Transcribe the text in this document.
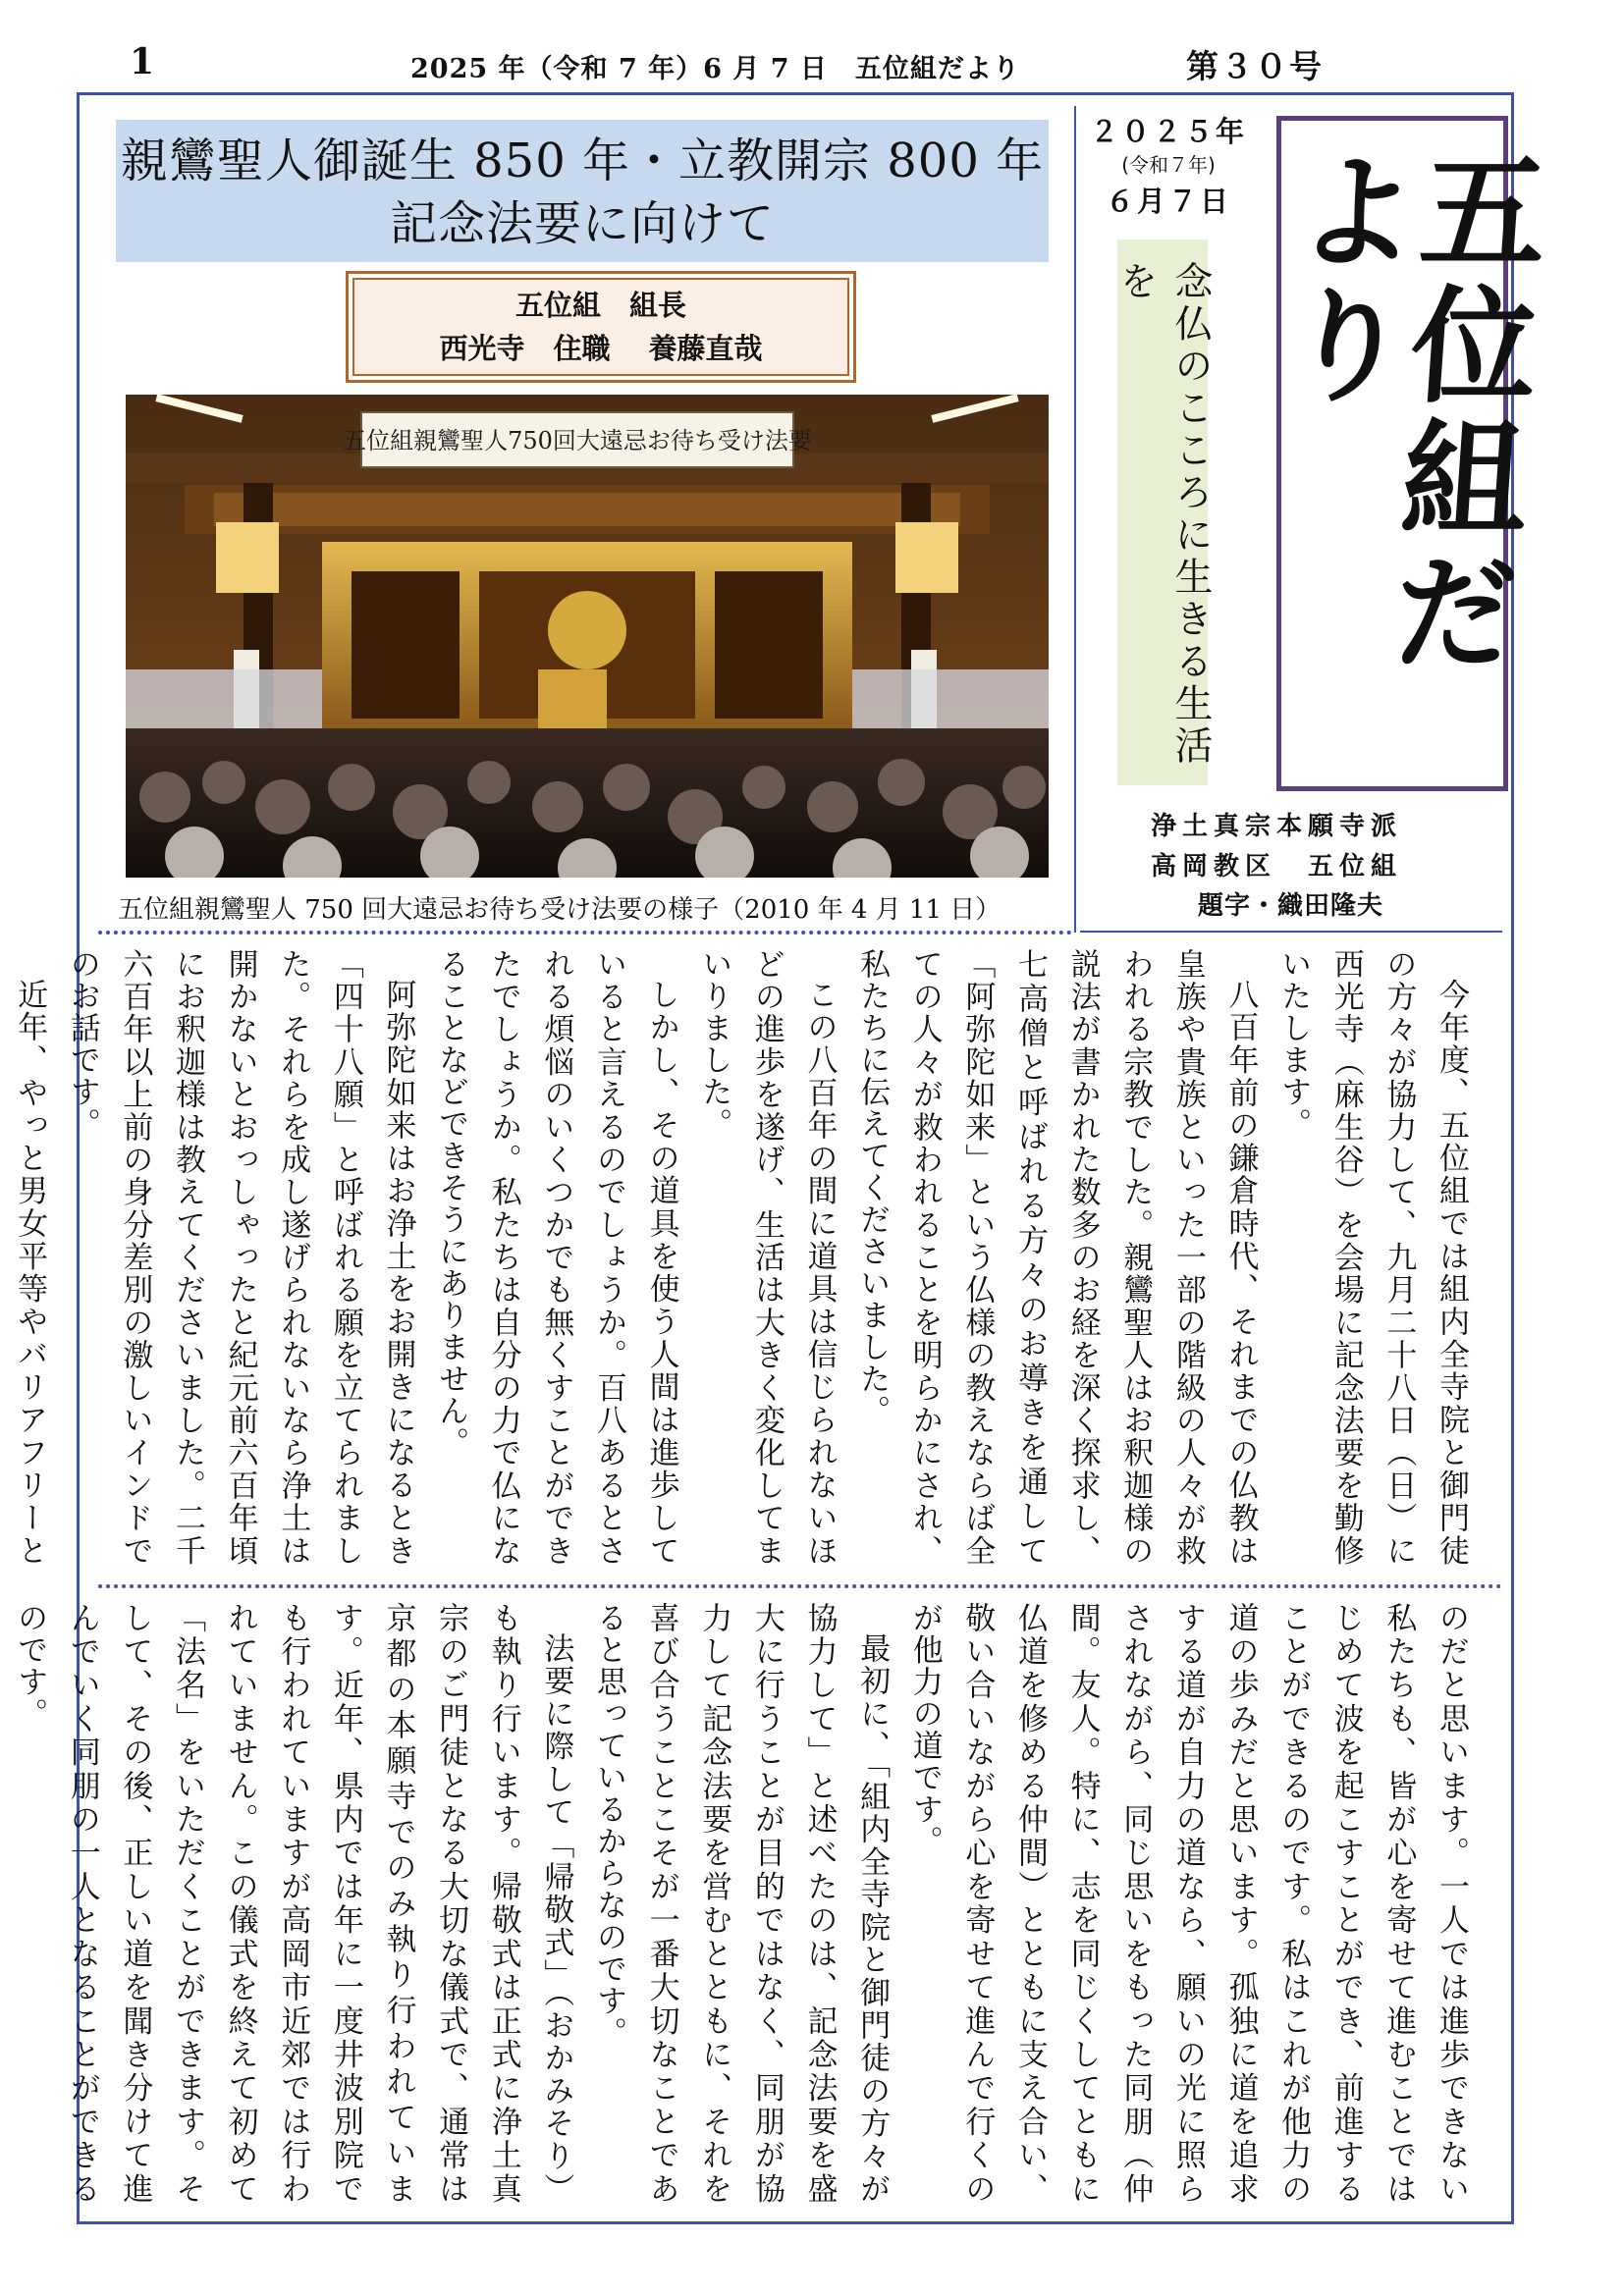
1	2025 年（令和 7 年）6 月 7 日　五位組だより	第３０号
親鸞聖人御誕生 850 年・立教開宗 800 年
記念法要に向けて
五位組　組長
西光寺　住職　 養藤直哉
五位組親鸞聖人750回大遠忌お待ち受け法要
五位組親鸞聖人 750 回大遠忌お待ち受け法要の様子（2010 年 4 月 11 日）
２０２５年
(令和７年)
６月７日
念仏のこころに生きる生活を	五位組だより
浄土真宗本願寺派
高岡教区　五位組
題字・織田隆夫

今年度、五位組では組内全寺院と御門徒の方々が協力して、九月二十八日（日）に西光寺（麻生谷）を会場に記念法要を勤修いたします。

八百年前の鎌倉時代、それまでの仏教は皇族や貴族といった一部の階級の人々が救われる宗教でした。親鸞聖人はお釈迦様の説法が書かれた数多のお経を深く探求し、七高僧と呼ばれる方々のお導きを通して「阿弥陀如来」という仏様の教えならば全ての人々が救われることを明らかにされ、私たちに伝えてくださいました。

この八百年の間に道具は信じられないほどの進歩を遂げ、生活は大きく変化してまいりました。

しかし、その道具を使う人間は進歩していると言えるのでしょうか。百八あるとされる煩悩のいくつかでも無くすことができたでしょうか。私たちは自分の力で仏になることなどできそうにありません。

阿弥陀如来はお浄土をお開きになるとき「四十八願」と呼ばれる願を立てられました。それらを成し遂げられないなら浄土は開かないとおっしゃったと紀元前六百年頃にお釈迦様は教えてくださいました。二千六百年以上前の身分差別の激しいインドでのお話です。

近年、やっと男女平等やバリアフリーと

のだと思います。一人では進歩できない私たちも、皆が心を寄せて進むことではじめて波を起こすことができ、前進することができるのです。私はこれが他力の道の歩みだと思います。孤独に道を追求する道が自力の道なら、願いの光に照らされながら、同じ思いをもった同朋（仲間。友人。特に、志を同じくしてともに仏道を修める仲間）とともに支え合い、敬い合いながら心を寄せて進んで行くのが他力の道です。

最初に、「組内全寺院と御門徒の方々が協力して」と述べたのは、記念法要を盛大に行うことが目的ではなく、同朋が協力して記念法要を営むとともに、それを喜び合うことこそが一番大切なことであると思っているからなのです。

法要に際して「帰敬式」（おかみそり）も執り行います。帰敬式は正式に浄土真宗のご門徒となる大切な儀式で、通常は京都の本願寺でのみ執り行われています。近年、県内では年に一度井波別院でも行われていますが高岡市近郊では行われていません。この儀式を終えて初めて「法名」をいただくことができます。そして、その後、正しい道を聞き分けて進んでいく同朋の一人となることができるのです。
